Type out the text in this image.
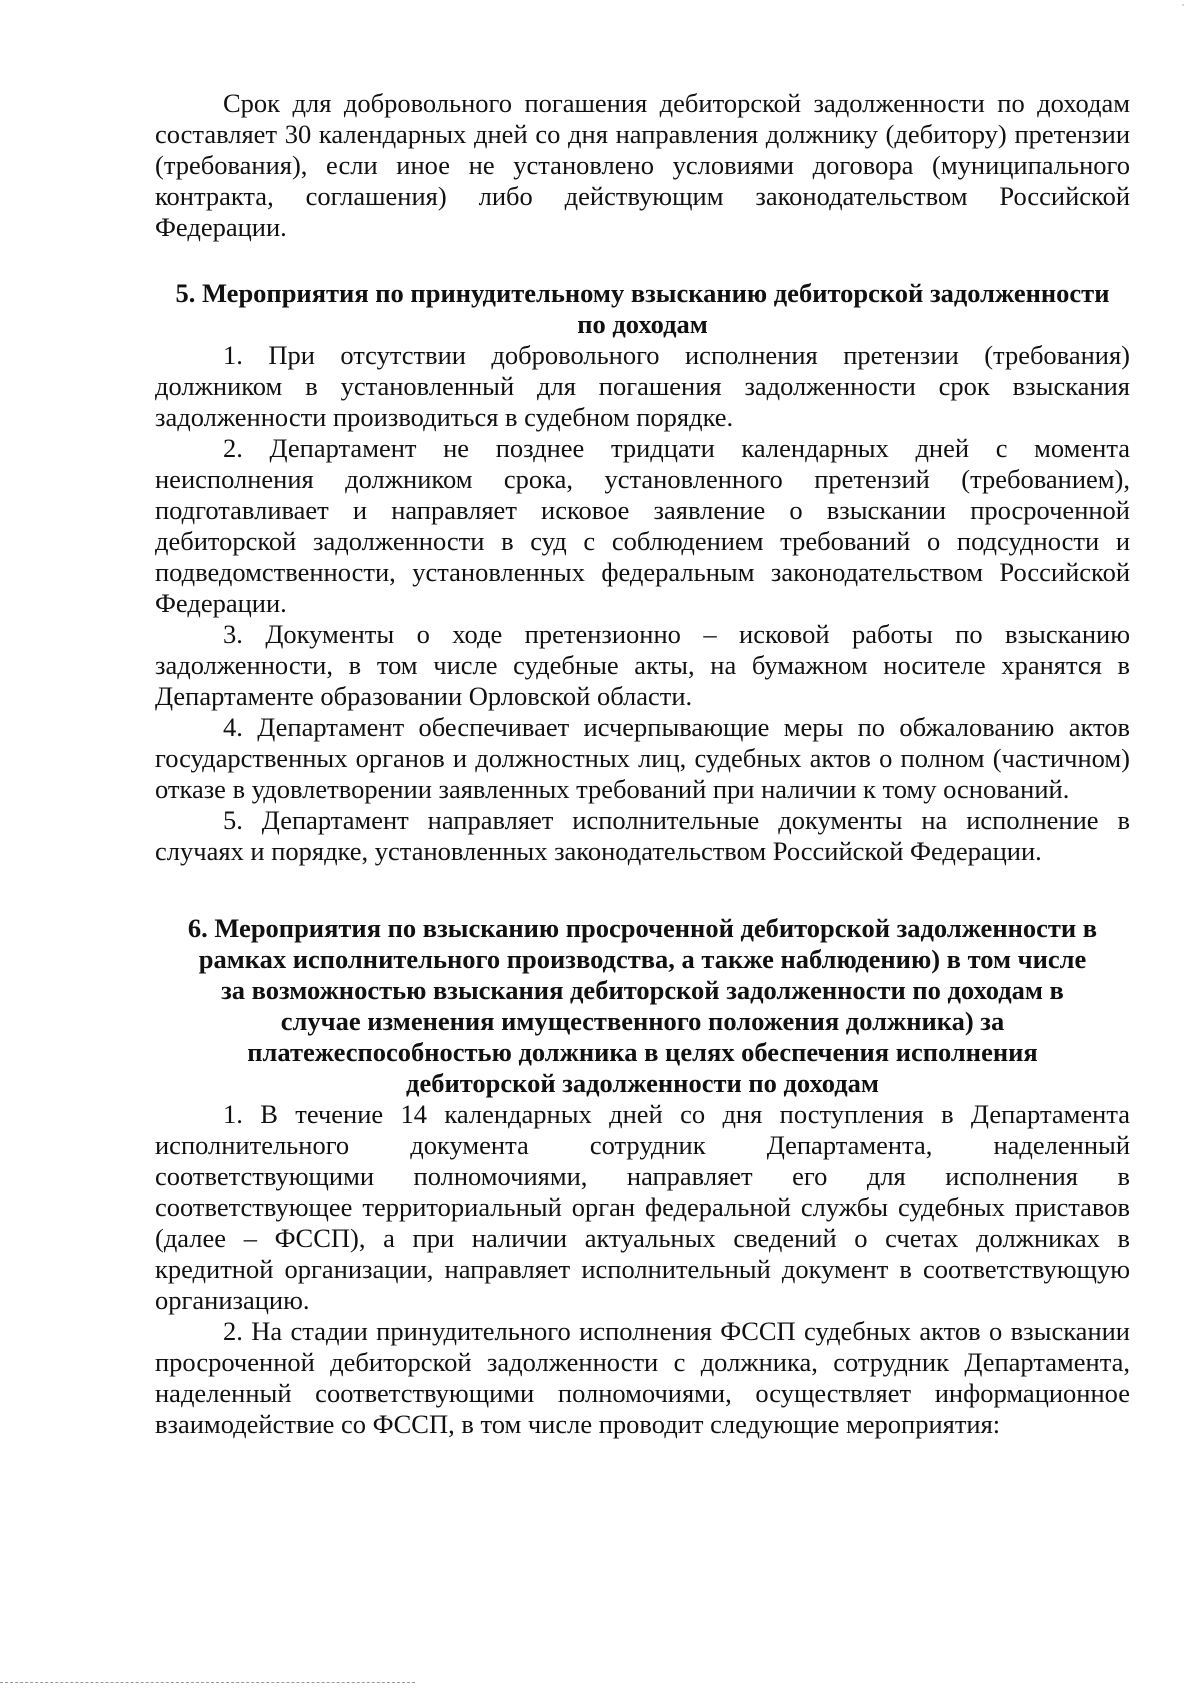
Срок для добровольного погашения дебиторской задолженности по доходам составляет 30 календарных дней со дня направления должнику (дебитору) претензии (требования), если иное не установлено условиями договора (муниципального контракта, соглашения) либо действующим законодательством Российской Федерации.

5. Мероприятия по принудительному взысканию дебиторской задолженности по доходам

1. При отсутствии добровольного исполнения претензии (требования) должником в установленный для погашения задолженности срок взыскания задолженности производиться в судебном порядке.

2. Департамент не позднее тридцати календарных дней с момента неисполнения должником срока, установленного претензий (требованием), подготавливает и направляет исковое заявление о взыскании просроченной дебиторской задолженности в суд с соблюдением требований о подсудности и подведомственности, установленных федеральным законодательством Российской Федерации.

3. Документы о ходе претензионно – исковой работы по взысканию задолженности, в том числе судебные акты, на бумажном носителе хранятся в Департаменте образовании Орловской области.

4. Департамент обеспечивает исчерпывающие меры по обжалованию актов государственных органов и должностных лиц, судебных актов о полном (частичном) отказе в удовлетворении заявленных требований при наличии к тому оснований.

5. Департамент направляет исполнительные документы на исполнение в случаях и порядке, установленных законодательством Российской Федерации.

6. Мероприятия по взысканию просроченной дебиторской задолженности в рамках исполнительного производства, а также наблюдению) в том числе за возможностью взыскания дебиторской задолженности по доходам в случае изменения имущественного положения должника) за платежеспособностью должника в целях обеспечения исполнения дебиторской задолженности по доходам

1. В течение 14 календарных дней со дня поступления в Департамента исполнительного документа сотрудник Департамента, наделенный соответствующими полномочиями, направляет его для исполнения в соответствующее территориальный орган федеральной службы судебных приставов (далее – ФССП), а при наличии актуальных сведений о счетах должниках в кредитной организации, направляет исполнительный документ в соответствующую организацию.

2. На стадии принудительного исполнения ФССП судебных актов о взыскании просроченной дебиторской задолженности с должника, сотрудник Департамента, наделенный соответствующими полномочиями, осуществляет информационное взаимодействие со ФССП, в том числе проводит следующие мероприятия:
